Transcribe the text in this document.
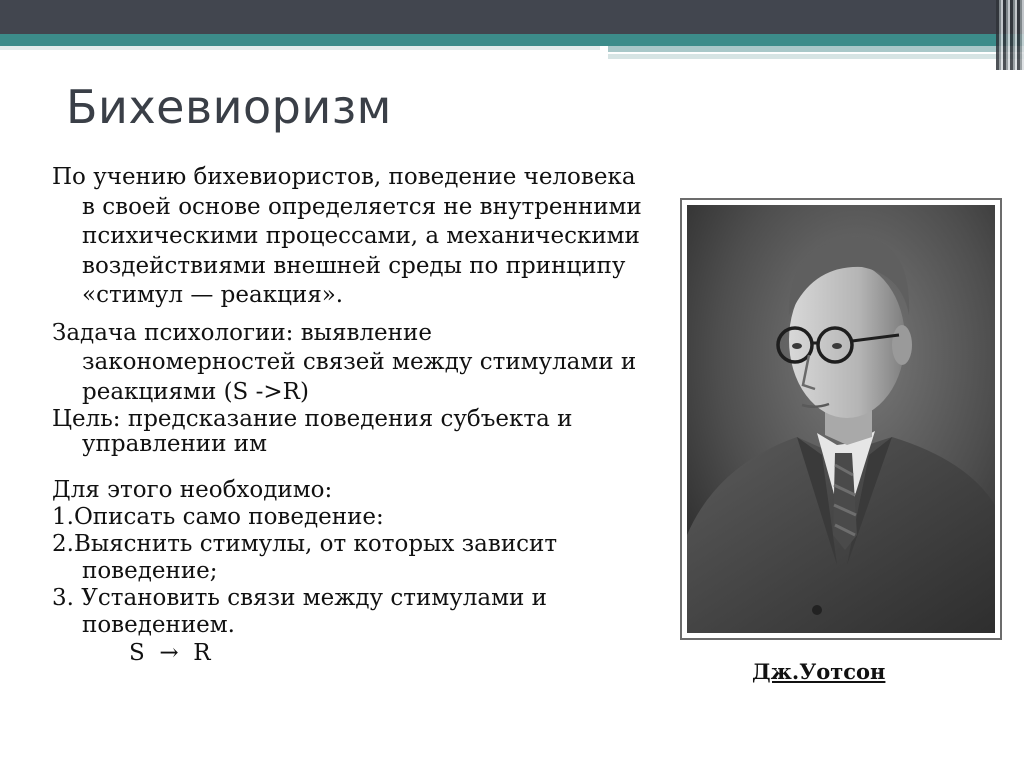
Бихевиоризм

По учению бихевиористов, поведение человека в своей основе определяется не внутренними психическими процессами, а механическими воздействиями внешней среды по принципу «стимул — реакция».

Задача психологии: выявление закономерностей связей между стимулами и реакциями (S ->R)

Цель: предсказание поведения субъекта и управлении им

Для этого необходимо:

1.Описать само поведение:

2.Выяснить стимулы, от которых зависит поведение;

3. Установить связи между стимулами и поведением.

S  →  R

Дж.Уотсон
